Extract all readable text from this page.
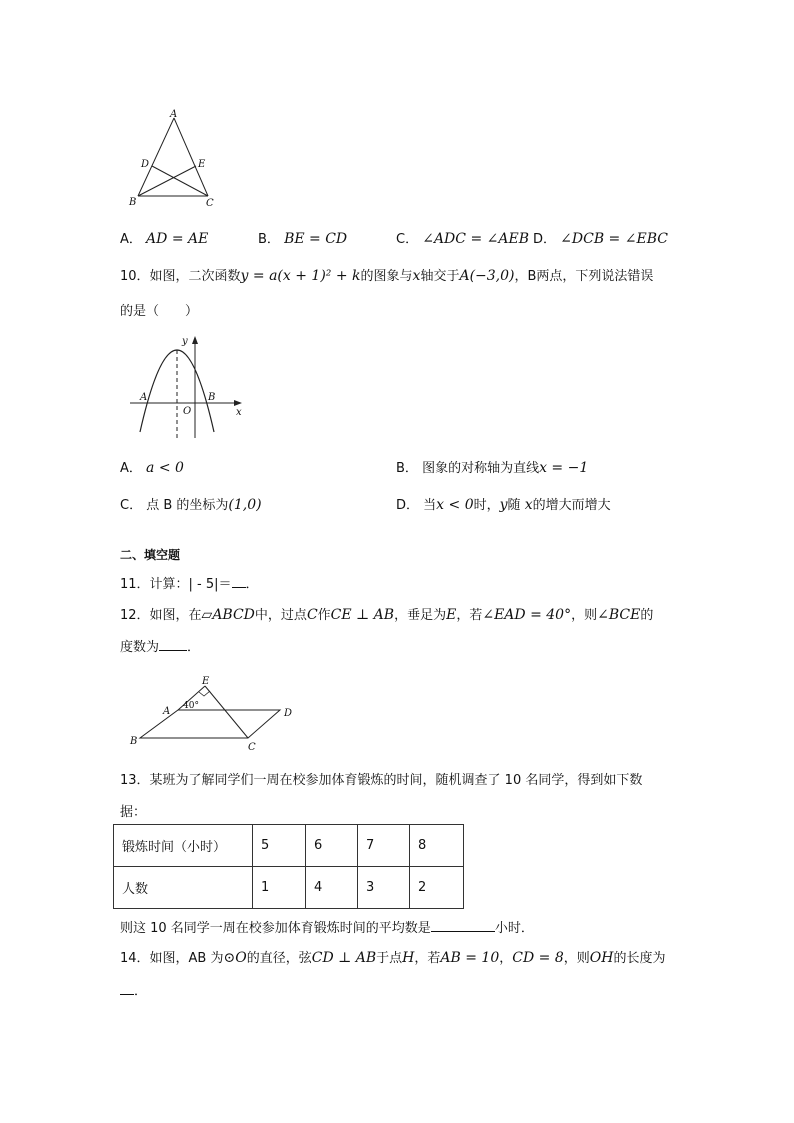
A
D	E
B	C
A． AD = AE	B． BE = CD	C． ∠ADC = ∠AEB D． ∠DCB = ∠EBC
10．如图，二次函数y = a(x + 1)² + k的图象与x轴交于A(−3,0)，B两点，下列说法错误
的是（　　）
y
x
O
A	B
A． a < 0	B． 图象的对称轴为直线x = −1
C． 点 B 的坐标为(1,0)	D． 当x < 0时，y随 x的增大而增大
二、填空题
11．计算：| - 5|＝ ．
12．如图，在▱ABCD中，过点C作CE ⊥ AB，垂足为E，若∠EAD = 40°，则∠BCE的
度数为 ．
E
A 40°
D
B
C
13．某班为了解同学们一周在校参加体育锻炼的时间，随机调查了 10 名同学，得到如下数
据：
锻炼时间（小时）	5	6	7	8
人数	1	4	3	2
则这 10 名同学一周在校参加体育锻炼时间的平均数是	小时．
14．如图，AB 为⊙O的直径，弦CD ⊥ AB于点H，若AB = 10，CD = 8，则OH的长度为
．
